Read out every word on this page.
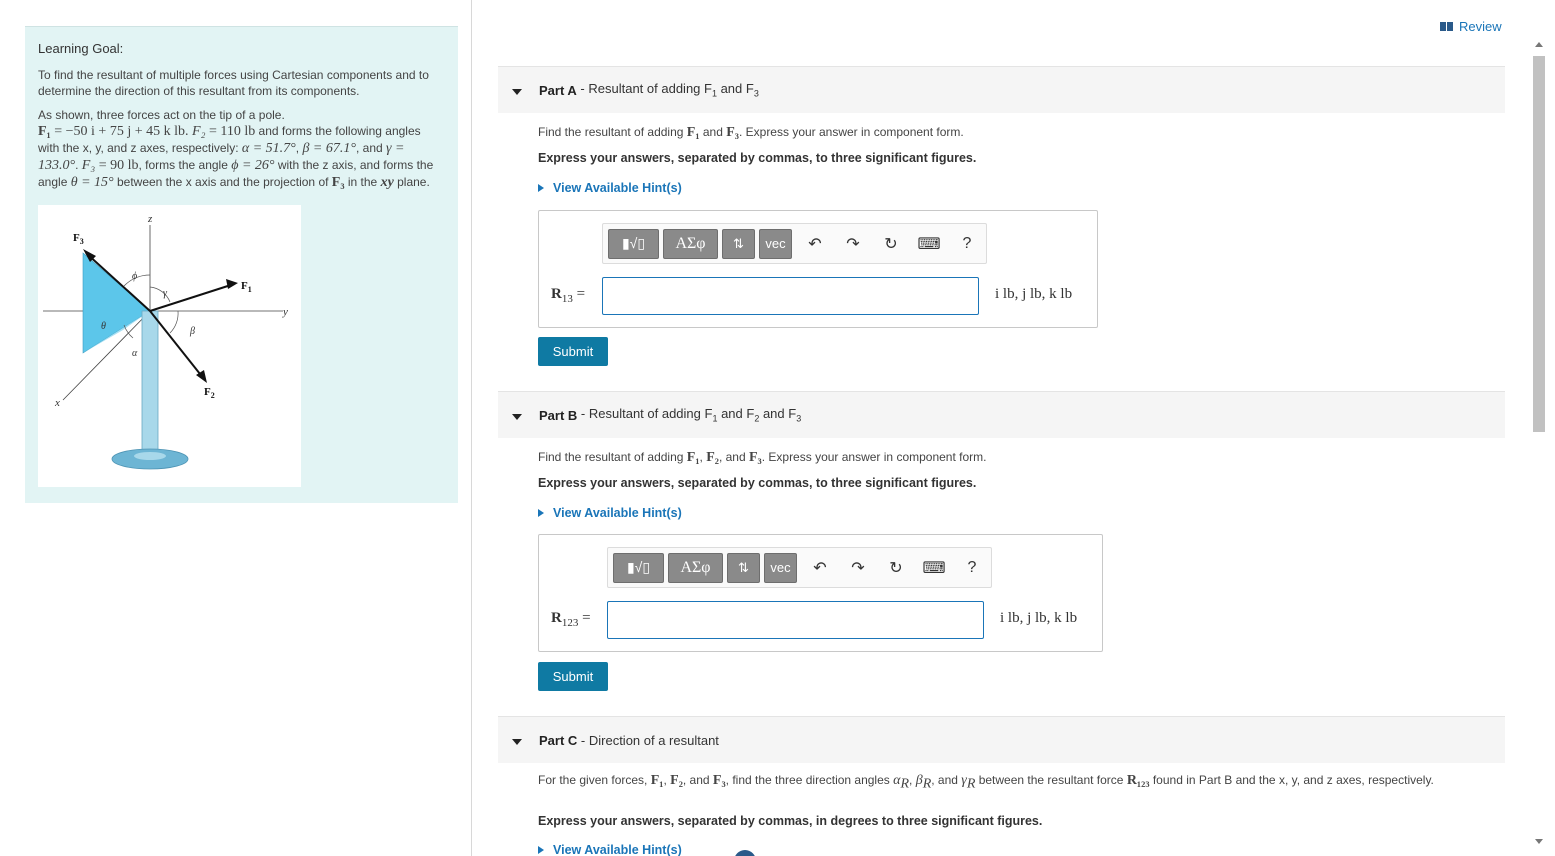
Learning Goal:
To find the resultant of multiple forces using Cartesian components and to determine the direction of this resultant from its components.
As shown, three forces act on the tip of a pole.
F₁ = −50 i + 75 j + 45 k lb. F₂ = 110 lb and forms the following angles with the x, y, and z axes, respectively: α = 51.7°, β = 67.1°, and γ = 133.0°. F₃ = 90 lb, forms the angle ϕ = 26° with the z axis, and forms the angle θ = 15° between the x axis and the projection of F₃ in the xy plane.
z
y
x
$F_3$
$F_1$
$F_2$
ϕ
γ
β
θ
α
Review
Part A - Resultant of adding $F_1$ and $F_3$
Find the resultant of adding F₁ and F₃. Express your answer in component form.
Express your answers, separated by commas, to three significant figures.
View Available Hint(s)
▮√▯	ΑΣφ	⇅	vec	↶	↷	↻	⌨	?
$R_{13}$ =	i lb, j lb, k lb
Submit
Part B - Resultant of adding $F_1$ and $F_2$ and $F_3$
Find the resultant of adding F₁, F₂, and F₃. Express your answer in component form.
Express your answers, separated by commas, to three significant figures.
View Available Hint(s)
▮√▯	ΑΣφ	⇅	vec	↶	↷	↻	⌨	?
$R_{123}$ =	i lb, j lb, k lb
Submit
Part C - Direction of a resultant
For the given forces, F₁, F₂, and F₃, find the three direction angles $\alpha_R$, $\beta_R$, and $\gamma_R$ between the resultant force R₁₂₃ found in Part B and the x, y, and z axes, respectively.
Express your answers, separated by commas, in degrees to three significant figures.
View Available Hint(s)
